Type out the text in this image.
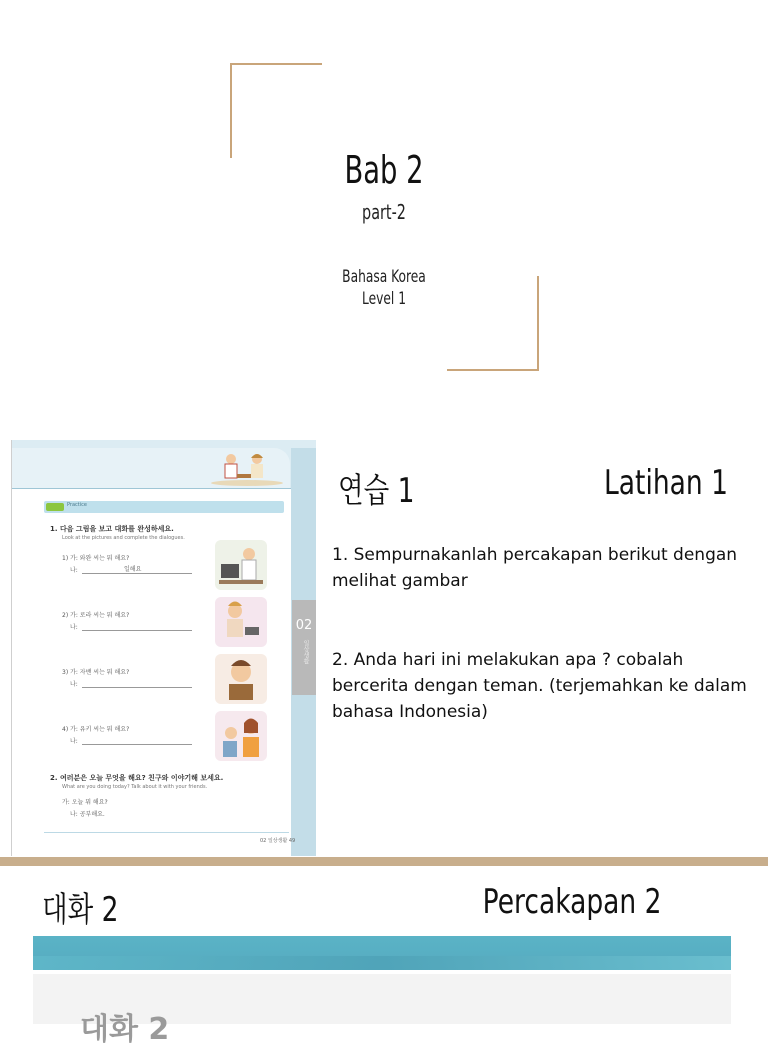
Bab 2
part-2
Bahasa Korea
Level 1
02
일상생활
Practice
1. 다음 그림을 보고 대화를 완성하세요.
Look at the pictures and complete the dialogues.
1) 가: 와완 씨는 뭐 해요?
나:	일해요
2) 가: 로라 씨는 뭐 해요?
나:
3) 가: 자밴 씨는 뭐 해요?
나:
4) 가: 유키 씨는 뭐 해요?
나:
2. 여러분은 오늘 무엇을 해요? 친구와 이야기해 보세요.
What are you doing today? Talk about it with your friends.
가: 오늘 뭐 해요?
나: 공부해요.
02 일상생활 49
연습 1	Latihan 1
1. Sempurnakanlah percakapan berikut dengan melihat gambar
2. Anda hari ini melakukan apa ? cobalah bercerita dengan teman. (terjemahkan ke dalam bahasa Indonesia)
대화 2	Percakapan 2
대화 2
